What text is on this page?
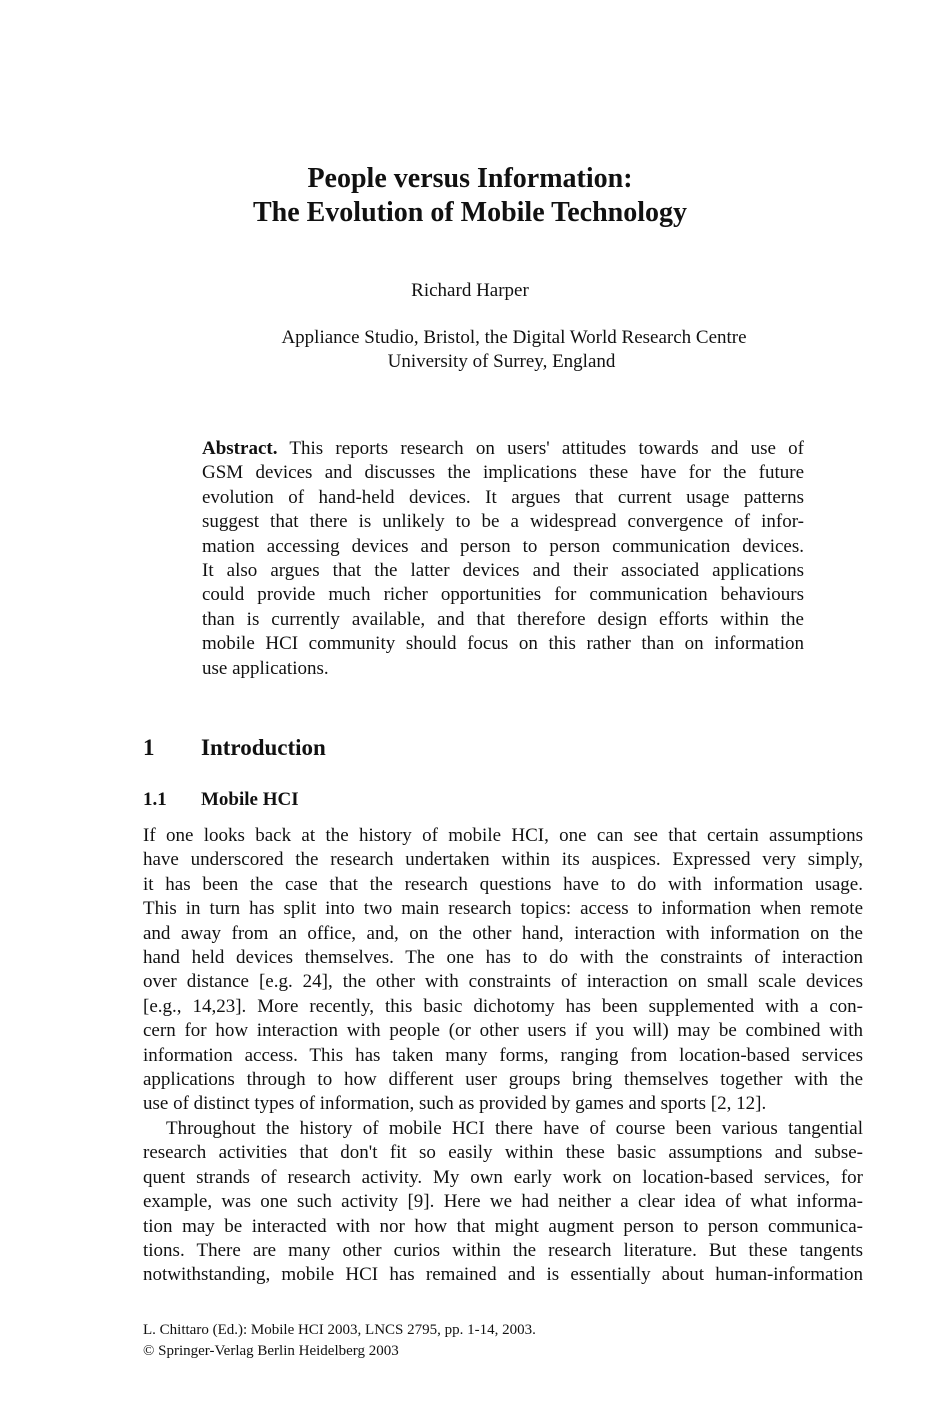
People versus Information:
The Evolution of Mobile Technology
Richard Harper
Appliance Studio, Bristol, the Digital World Research Centre
University of Surrey, England
Abstract. This reports research on users' attitudes towards and use of
GSM devices and discusses the implications these have for the future
evolution of hand-held devices. It argues that current usage patterns
suggest that there is unlikely to be a widespread convergence of infor-
mation accessing devices and person to person communication devices.
It also argues that the latter devices and their associated applications
could provide much richer opportunities for communication behaviours
than is currently available, and that therefore design efforts within the
mobile HCI community should focus on this rather than on information
use applications.
1 Introduction
1.1 Mobile HCI
If one looks back at the history of mobile HCI, one can see that certain assumptions
have underscored the research undertaken within its auspices. Expressed very simply,
it has been the case that the research questions have to do with information usage.
This in turn has split into two main research topics: access to information when remote
and away from an office, and, on the other hand, interaction with information on the
hand held devices themselves. The one has to do with the constraints of interaction
over distance [e.g. 24], the other with constraints of interaction on small scale devices
[e.g., 14,23]. More recently, this basic dichotomy has been supplemented with a con-
cern for how interaction with people (or other users if you will) may be combined with
information access. This has taken many forms, ranging from location-based services
applications through to how different user groups bring themselves together with the
use of distinct types of information, such as provided by games and sports [2, 12].
Throughout the history of mobile HCI there have of course been various tangential
research activities that don't fit so easily within these basic assumptions and subse-
quent strands of research activity. My own early work on location-based services, for
example, was one such activity [9]. Here we had neither a clear idea of what informa-
tion may be interacted with nor how that might augment person to person communica-
tions. There are many other curios within the research literature. But these tangents
notwithstanding, mobile HCI has remained and is essentially about human-information
L. Chittaro (Ed.): Mobile HCI 2003, LNCS 2795, pp. 1-14, 2003.
© Springer-Verlag Berlin Heidelberg 2003
